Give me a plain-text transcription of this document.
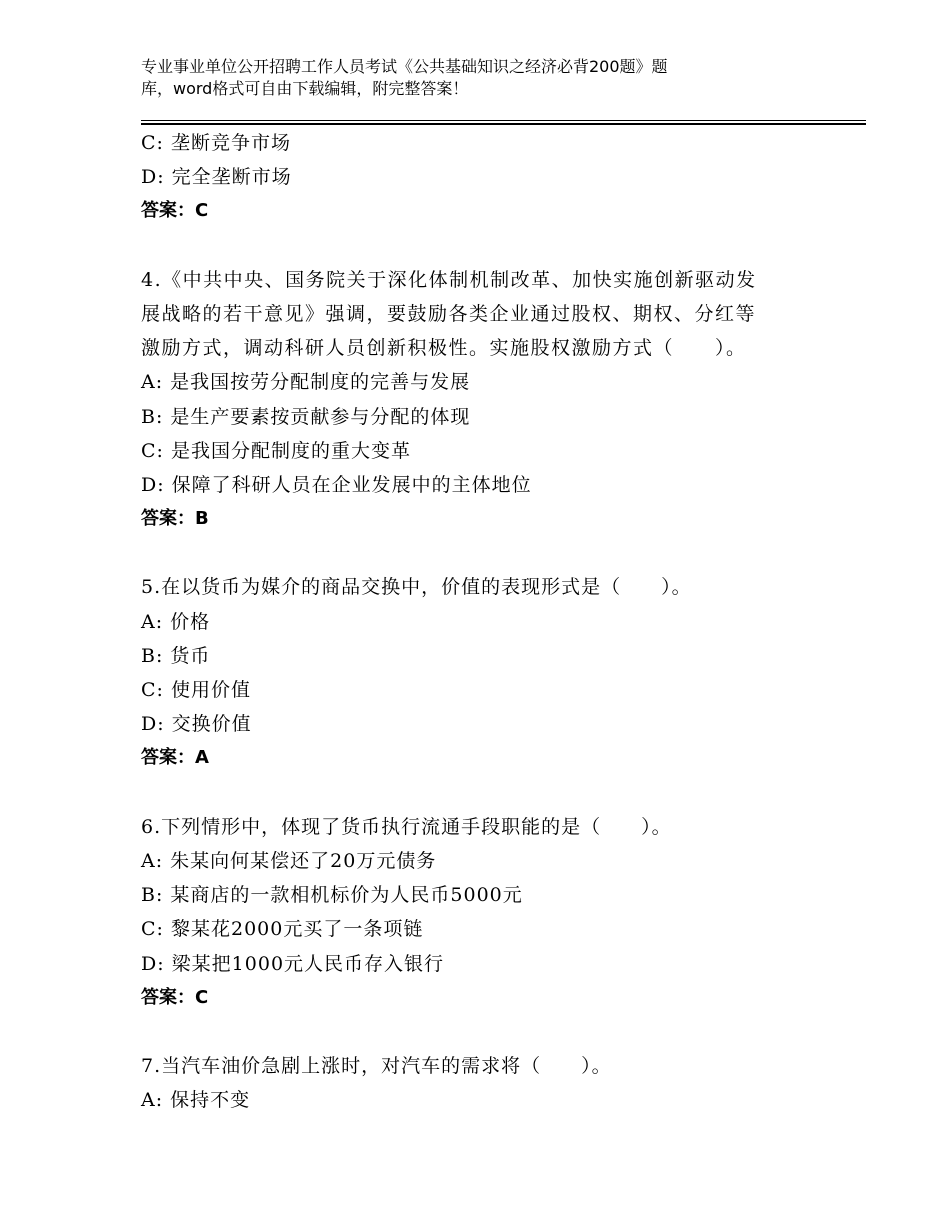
专业事业单位公开招聘工作人员考试《公共基础知识之经济必背200题》题
库，word格式可自由下载编辑，附完整答案！
C: 垄断竞争市场
D: 完全垄断市场
答案：C
4.《中共中央、国务院关于深化体制机制改革、加快实施创新驱动发
展战略的若干意见》强调，要鼓励各类企业通过股权、期权、分红等
激励方式，调动科研人员创新积极性。实施股权激励方式（　　）。
A: 是我国按劳分配制度的完善与发展
B: 是生产要素按贡献参与分配的体现
C: 是我国分配制度的重大变革
D: 保障了科研人员在企业发展中的主体地位
答案：B
5.在以货币为媒介的商品交换中，价值的表现形式是（　　）。
A: 价格
B: 货币
C: 使用价值
D: 交换价值
答案：A
6.下列情形中，体现了货币执行流通手段职能的是（　　）。
A: 朱某向何某偿还了20万元债务
B: 某商店的一款相机标价为人民币5000元
C: 黎某花2000元买了一条项链
D: 梁某把1000元人民币存入银行
答案：C
7.当汽车油价急剧上涨时，对汽车的需求将（　　）。
A: 保持不变
